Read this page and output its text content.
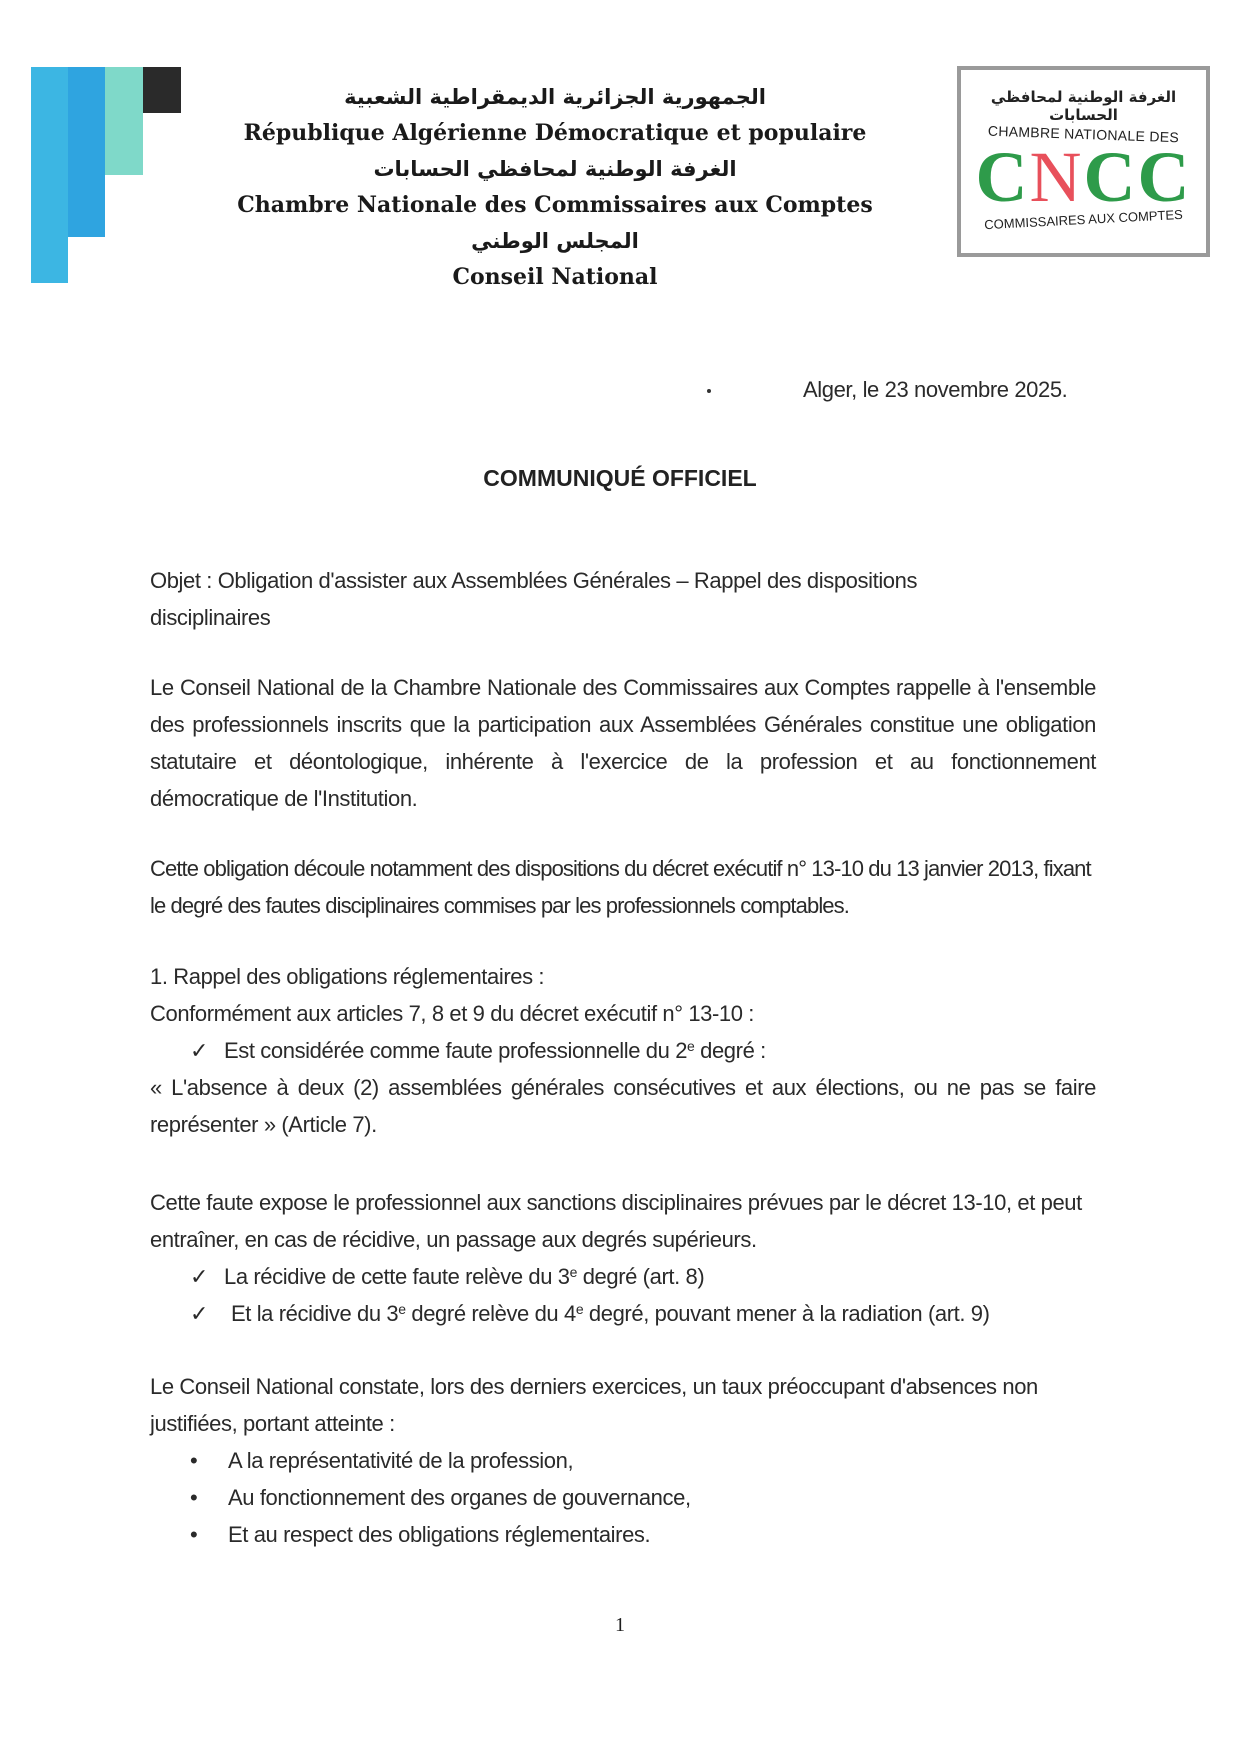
الجمهورية الجزائرية الديمقراطية الشعبية
République Algérienne Démocratique et populaire
الغرفة الوطنية لمحافظي الحسابات
Chambre Nationale des Commissaires aux Comptes
المجلس الوطني
Conseil National
الغرفة الوطنية لمحافظي الحسابات
CHAMBRE NATIONALE DES
CNCC
COMMISSAIRES AUX COMPTES
Alger, le 23 novembre 2025.
COMMUNIQUÉ OFFICIEL
Objet : Obligation d'assister aux Assemblées Générales – Rappel des dispositions disciplinaires
Le Conseil National de la Chambre Nationale des Commissaires aux Comptes rappelle à l'ensemble des professionnels inscrits que la participation aux Assemblées Générales constitue une obligation statutaire et déontologique, inhérente à l'exercice de la profession et au fonctionnement démocratique de l'Institution.
Cette obligation découle notamment des dispositions du décret exécutif n° 13-10 du 13 janvier 2013, fixant le degré des fautes disciplinaires commises par les professionnels comptables.
1. Rappel des obligations réglementaires :
Conformément aux articles 7, 8 et 9 du décret exécutif n° 13-10 :
✓ Est considérée comme faute professionnelle du 2e degré :
« L'absence à deux (2) assemblées générales consécutives et aux élections, ou ne pas se faire représenter » (Article 7).
Cette faute expose le professionnel aux sanctions disciplinaires prévues par le décret 13-10, et peut entraîner, en cas de récidive, un passage aux degrés supérieurs.
✓ La récidive de cette faute relève du 3e degré (art. 8)
✓ Et la récidive du 3e degré relève du 4e degré, pouvant mener à la radiation (art. 9)
Le Conseil National constate, lors des derniers exercices, un taux préoccupant d'absences non justifiées, portant atteinte :
• A la représentativité de la profession,
• Au fonctionnement des organes de gouvernance,
• Et au respect des obligations réglementaires.
1
